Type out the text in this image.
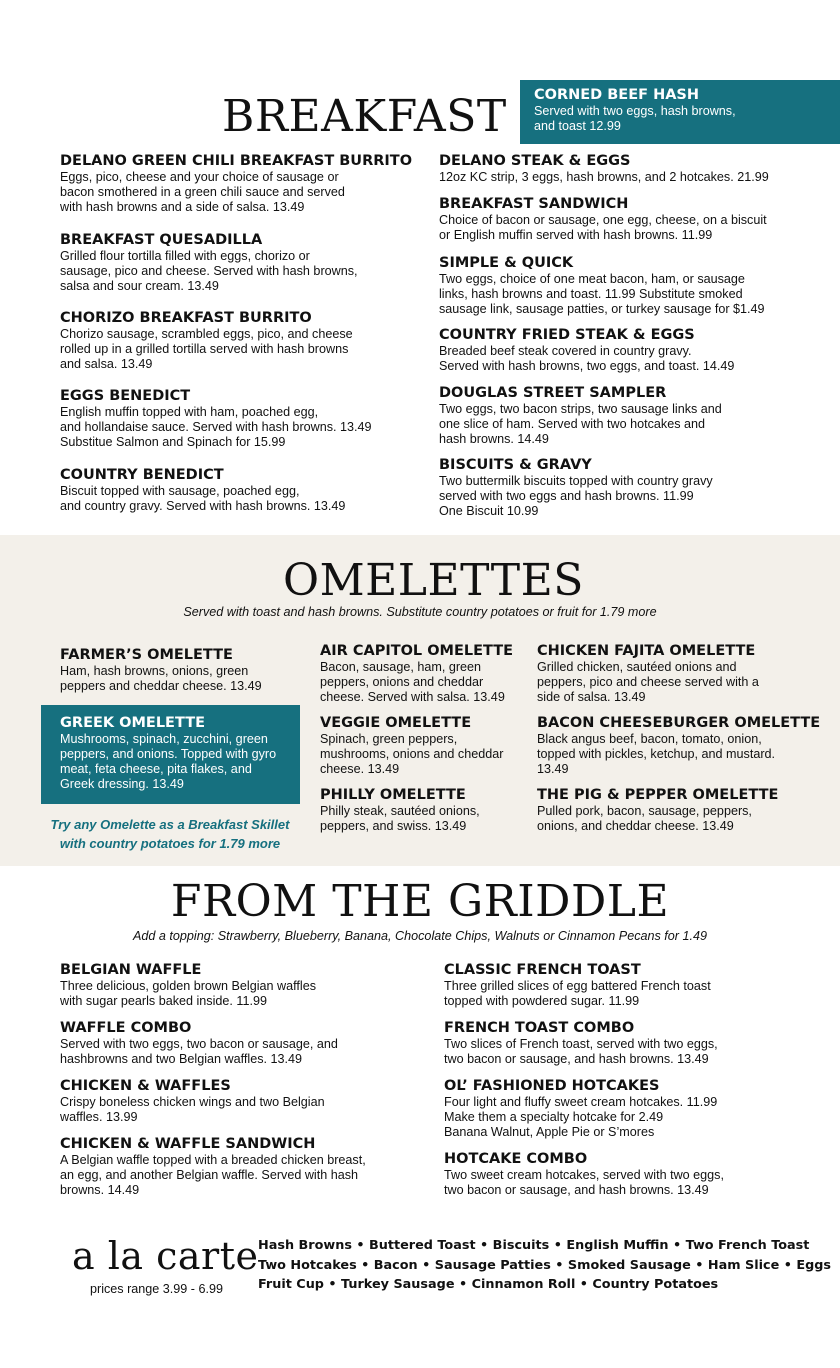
BREAKFAST CORNED BEEF HASH
Served with two eggs, hash browns,
and toast 12.99
DELANO GREEN CHILI BREAKFAST BURRITO
Eggs, pico, cheese and your choice of sausage or
bacon smothered in a green chili sauce and served
with hash browns and a side of salsa. 13.49
BREAKFAST QUESADILLA
Grilled flour tortilla filled with eggs, chorizo or
sausage, pico and cheese. Served with hash browns,
salsa and sour cream. 13.49
CHORIZO BREAKFAST BURRITO
Chorizo sausage, scrambled eggs, pico, and cheese
rolled up in a grilled tortilla served with hash browns
and salsa. 13.49
EGGS BENEDICT
English muffin topped with ham, poached egg,
and hollandaise sauce. Served with hash browns. 13.49
Substitue Salmon and Spinach for 15.99
COUNTRY BENEDICT
Biscuit topped with sausage, poached egg,
and country gravy. Served with hash browns. 13.49
DELANO STEAK & EGGS
12oz KC strip, 3 eggs, hash browns, and 2 hotcakes. 21.99
BREAKFAST SANDWICH
Choice of bacon or sausage, one egg, cheese, on a biscuit
or English muffin served with hash browns. 11.99
SIMPLE & QUICK
Two eggs, choice of one meat bacon, ham, or sausage
links, hash browns and toast. 11.99 Substitute smoked
sausage link, sausage patties, or turkey sausage for $1.49
COUNTRY FRIED STEAK & EGGS
Breaded beef steak covered in country gravy.
Served with hash browns, two eggs, and toast. 14.49
DOUGLAS STREET SAMPLER
Two eggs, two bacon strips, two sausage links and
one slice of ham. Served with two hotcakes and
hash browns. 14.49
BISCUITS & GRAVY
Two buttermilk biscuits topped with country gravy
served with two eggs and hash browns. 11.99
One Biscuit 10.99
OMELETTES
Served with toast and hash browns. Substitute country potatoes or fruit for 1.79 more
FARMER’S OMELETTE
Ham, hash browns, onions, green
peppers and cheddar cheese. 13.49
GREEK OMELETTE
Mushrooms, spinach, zucchini, green
peppers, and onions. Topped with gyro
meat, feta cheese, pita flakes, and
Greek dressing. 13.49
Try any Omelette as a Breakfast Skillet
with country potatoes for 1.79 more
AIR CAPITOL OMELETTE
Bacon, sausage, ham, green
peppers, onions and cheddar
cheese. Served with salsa. 13.49
VEGGIE OMELETTE
Spinach, green peppers,
mushrooms, onions and cheddar
cheese. 13.49
PHILLY OMELETTE
Philly steak, sautéed onions,
peppers, and swiss. 13.49
CHICKEN FAJITA OMELETTE
Grilled chicken, sautéed onions and
peppers, pico and cheese served with a
side of salsa. 13.49
BACON CHEESEBURGER OMELETTE
Black angus beef, bacon, tomato, onion,
topped with pickles, ketchup, and mustard.
13.49
THE PIG & PEPPER OMELETTE
Pulled pork, bacon, sausage, peppers,
onions, and cheddar cheese. 13.49
FROM THE GRIDDLE
Add a topping: Strawberry, Blueberry, Banana, Chocolate Chips, Walnuts or Cinnamon Pecans for 1.49
BELGIAN WAFFLE
Three delicious, golden brown Belgian waffles
with sugar pearls baked inside. 11.99
WAFFLE COMBO
Served with two eggs, two bacon or sausage, and
hashbrowns and two Belgian waffles. 13.49
CHICKEN & WAFFLES
Crispy boneless chicken wings and two Belgian
waffles. 13.99
CHICKEN & WAFFLE SANDWICH
A Belgian waffle topped with a breaded chicken breast,
an egg, and another Belgian waffle. Served with hash
browns. 14.49
CLASSIC FRENCH TOAST
Three grilled slices of egg battered French toast
topped with powdered sugar. 11.99
FRENCH TOAST COMBO
Two slices of French toast, served with two eggs,
two bacon or sausage, and hash browns. 13.49
OL’ FASHIONED HOTCAKES
Four light and fluffy sweet cream hotcakes. 11.99
Make them a specialty hotcake for 2.49
Banana Walnut, Apple Pie or S’mores
HOTCAKE COMBO
Two sweet cream hotcakes, served with two eggs,
two bacon or sausage, and hash browns. 13.49
a la carte
prices range 3.99 - 6.99
Hash Browns • Buttered Toast • Biscuits • English Muffin • Two French Toast
Two Hotcakes • Bacon • Sausage Patties • Smoked Sausage • Ham Slice • Eggs
Fruit Cup • Turkey Sausage • Cinnamon Roll • Country Potatoes
